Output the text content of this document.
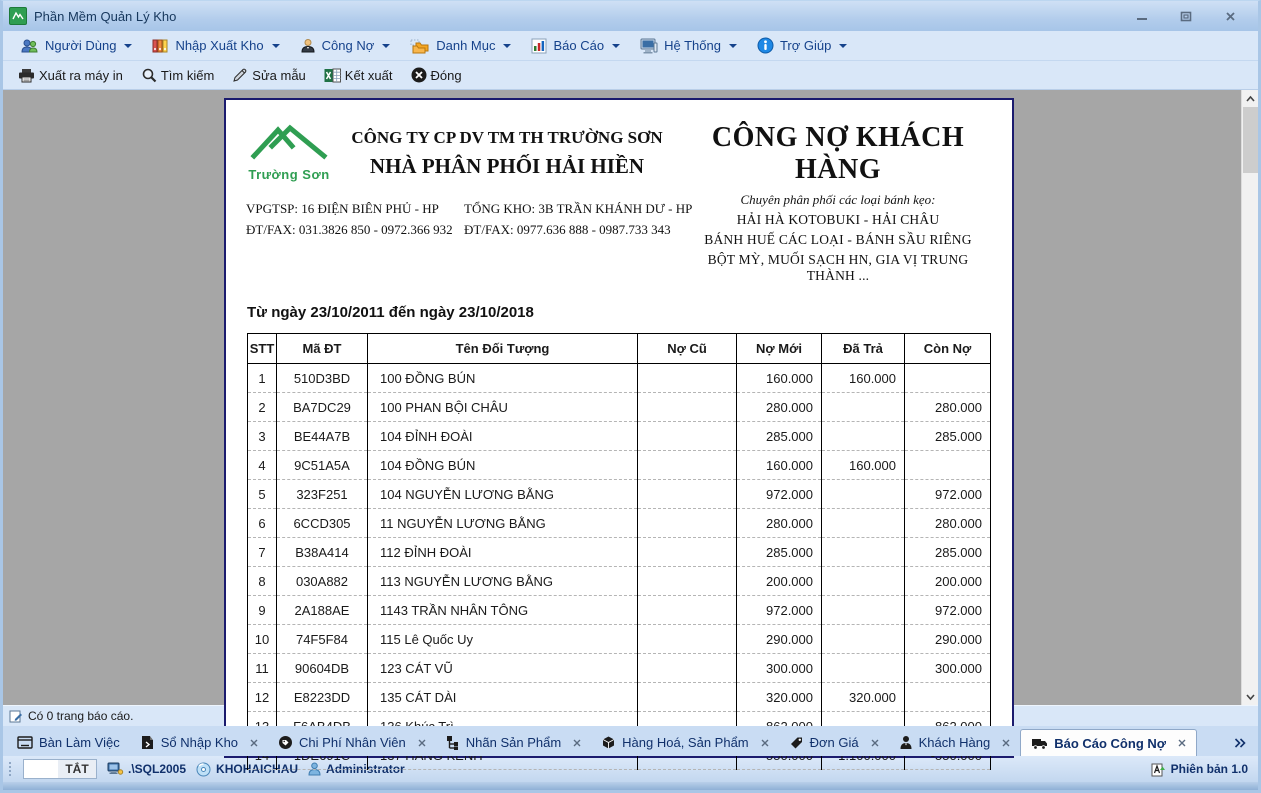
Phần Mềm Quản Lý Kho
Người Dùng	Nhập Xuất Kho	Công Nợ	Danh Mục	Báo Cáo	Hệ Thống	Trợ Giúp
Xuất ra máy in	Tìm kiếm	Sửa mẫu	Kết xuất	Đóng
Trường Sơn
CÔNG TY CP DV TM TH TRƯỜNG SƠN
NHÀ PHÂN PHỐI HẢI HIỀN
VPGTSP: 16 ĐIỆN BIÊN PHỦ - HP
ĐT/FAX: 031.3826 850 - 0972.366 932
TỔNG KHO: 3B TRẦN KHÁNH DƯ - HP
ĐT/FAX: 0977.636 888 - 0987.733 343
CÔNG NỢ KHÁCH HÀNG
Chuyên phân phối các loại bánh kẹo:
HẢI HÀ KOTOBUKI - HẢI CHÂU
BÁNH HUẾ CÁC LOẠI - BÁNH SẦU RIÊNG
BỘT MỲ, MUỐI SẠCH HN, GIA VỊ TRUNG THÀNH ...
Từ ngày 23/10/2011 đến ngày 23/10/2018
STT	Mã ĐT	Tên Đối Tượng	Nợ Cũ	Nợ Mới	Đã Trả	Còn Nợ
1	510D3BD	100 ĐỒNG BÚN		160.000	160.000	
2	BA7DC29	100 PHAN BỘI CHÂU		280.000		280.000
3	BE44A7B	104 ĐỈNH ĐOÀI		285.000		285.000
4	9C51A5A	104 ĐỒNG BÚN		160.000	160.000	
5	323F251	104 NGUYỄN LƯƠNG BẰNG		972.000		972.000
6	6CCD305	11 NGUYỄN LƯƠNG BẰNG		280.000		280.000
7	B38A414	112 ĐỈNH ĐOÀI		285.000		285.000
8	030A882	113 NGUYỄN LƯƠNG BẰNG		200.000		200.000
9	2A188AE	1143 TRẦN NHÂN TÔNG		972.000		972.000
10	74F5F84	115 Lê Quốc Uy		290.000		290.000
11	90604DB	123 CÁT VŨ		300.000		300.000
12	E8223DD	135 CÁT DÀI		320.000	320.000	

Có 0 trang báo cáo.
Bàn Làm Việc	Sổ Nhập Kho	Chi Phí Nhân Viên	Nhãn Sản Phẩm	Hàng Hoá, Sản Phẩm	Đơn Giá	Khách Hàng	Báo Cáo Công Nợ
TẮT	.\SQL2005	KHOHAICHAU Administrator	Phiên bản 1.0
